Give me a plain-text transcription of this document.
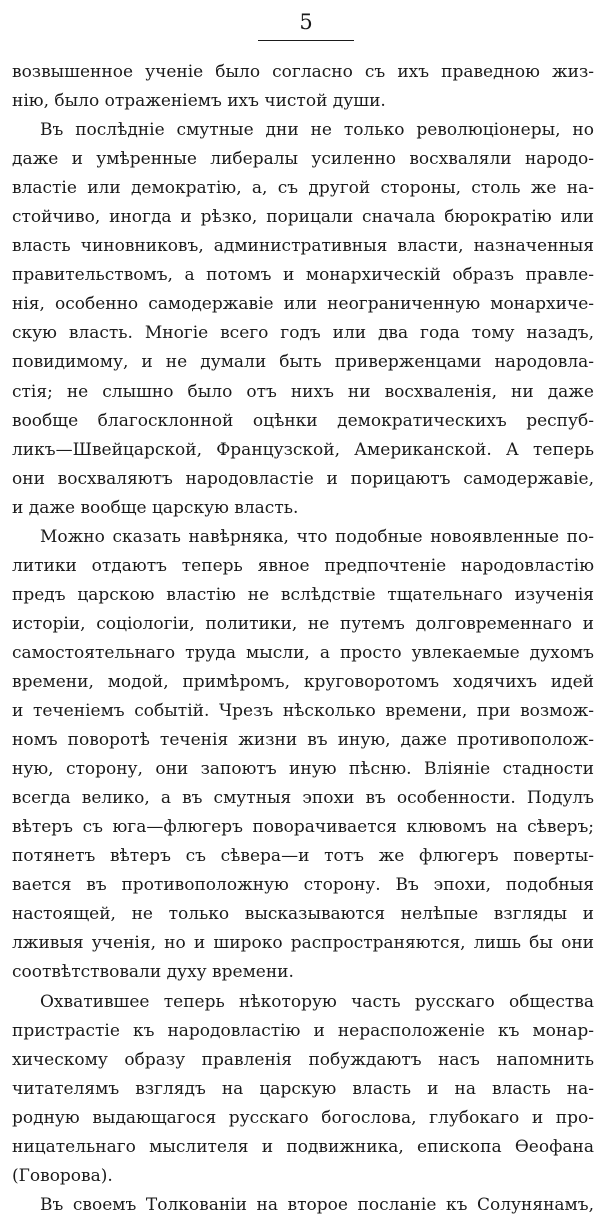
5
возвышенное ученіе было согласно съ ихъ праведною жиз-
нію, было отраженіемъ ихъ чистой души.
Въ послѣдніе смутные дни не только революціонеры, но
даже и умѣренные либералы усиленно восхваляли народо-
властіе или демократію, а, съ другой стороны, столь же на-
стойчиво, иногда и рѣзко, порицали сначала бюрократію или
власть чиновниковъ, административныя власти, назначенныя
правительствомъ, а потомъ и монархическій образъ правле-
нія, особенно самодержавіе или неограниченную монархиче-
скую власть. Многіе всего годъ или два года тому назадъ,
повидимому, и не думали быть приверженцами народовла-
стія; не слышно было отъ нихъ ни восхваленія, ни даже
вообще благосклонной оцѣнки демократическихъ респуб-
ликъ—Швейцарской, Французской, Американской. А теперь
они восхваляютъ народовластіе и порицаютъ самодержавіе,
и даже вообще царскую власть.
Можно сказать навѣрняка, что подобные новоявленные по-
литики отдаютъ теперь явное предпочтеніе народовластію
предъ царскою властію не вслѣдствіе тщательнаго изученія
исторіи, соціологіи, политики, не путемъ долговременнаго и
самостоятельнаго труда мысли, а просто увлекаемые духомъ
времени, модой, примѣромъ, круговоротомъ ходячихъ идей
и теченіемъ событій. Чрезъ нѣсколько времени, при возмож-
номъ поворотѣ теченія жизни въ иную, даже противополож-
ную, сторону, они запоютъ иную пѣсню. Вліяніе стадности
всегда велико, а въ смутныя эпохи въ особенности. Подулъ
вѣтеръ съ юга—флюгеръ поворачивается клювомъ на сѣверъ;
потянетъ вѣтеръ съ сѣвера—и тотъ же флюгеръ поверты-
вается въ противоположную сторону. Въ эпохи, подобныя
настоящей, не только высказываются нелѣпые взгляды и
лживыя ученія, но и широко распространяются, лишь бы они
соотвѣтствовали духу времени.
Охватившее теперь нѣкоторую часть русскаго общества
пристрастіе къ народовластію и нерасположеніе къ монар-
хическому образу правленія побуждаютъ насъ напомнить
читателямъ взглядъ на царскую власть и на власть на-
родную выдающагося русскаго богослова, глубокаго и про-
ницательнаго мыслителя и подвижника, епископа Ѳеофана
(Говорова).
Въ своемъ Толкованіи на второе посланіе къ Солунянамъ,
